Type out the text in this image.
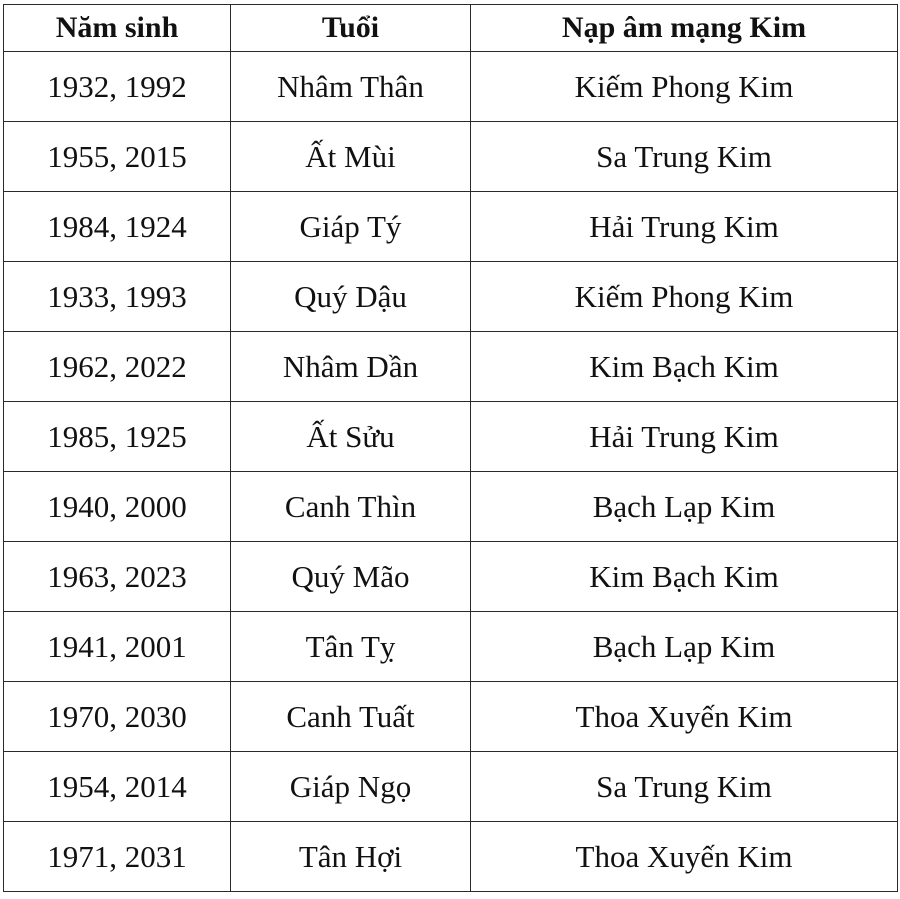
Năm sinh	Tuổi	Nạp âm mạng Kim
1932, 1992	Nhâm Thân	Kiếm Phong Kim
1955, 2015	Ất Mùi	Sa Trung Kim
1984, 1924	Giáp Tý	Hải Trung Kim
1933, 1993	Quý Dậu	Kiếm Phong Kim
1962, 2022	Nhâm Dần	Kim Bạch Kim
1985, 1925	Ất Sửu	Hải Trung Kim
1940, 2000	Canh Thìn	Bạch Lạp Kim
1963, 2023	Quý Mão	Kim Bạch Kim
1941, 2001	Tân Tỵ	Bạch Lạp Kim
1970, 2030	Canh Tuất	Thoa Xuyến Kim
1954, 2014	Giáp Ngọ	Sa Trung Kim
1971, 2031	Tân Hợi	Thoa Xuyến Kim
